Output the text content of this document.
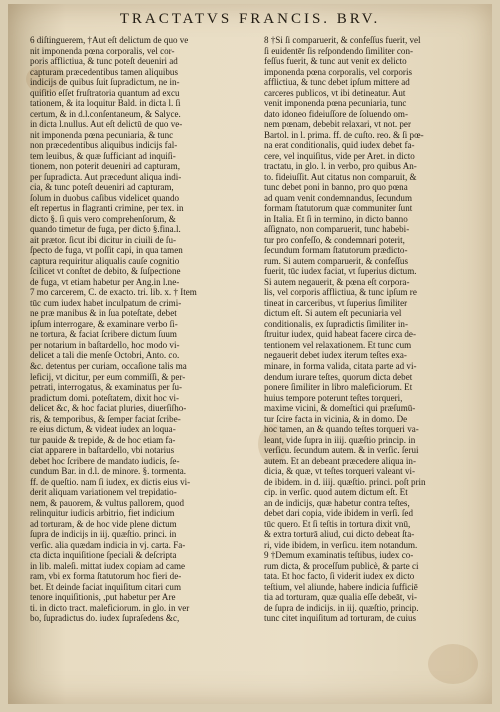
TRACTATVS FRANCIS. BRV.
6 diſtinguerem, †Aut eſt delictum de quo ve
nit imponenda pœna corporalis, vel cor-
poris afflictiua, & tunc poteſt deueniri ad
capturam præcedentibus tamen aliquibus
indicijs de quibus ſuit ſupradictum, ne in-
quiſitio eſſet fruſtratoria quantum ad excu
tationem, & ita loquitur Bald. in dicta l. ſi
certum, & in d.l.conſentaneum, & Salyce.
in dicta l.nullus. Aut eſt delictū de quo ve-
nit imponenda pœna pecuniaria, & tunc
non præcedentibus aliquibus indicijs fal-
tem leuibus, & quæ ſufficiant ad inquiſi-
tionem, non poterit deueniri ad capturam,
per ſupradicta. Aut præcedunt aliqua indi-
cia, & tunc poteſt deueniri ad capturam,
ſolum in duobus caſibus videlicet quando
eſt repertus in flagranti crimine, per tex. in
dicto §. ſi quis vero comprehenſorum, &
quando timetur de fuga, per dicto §.fina.l.
ait prætor. ſicut ibi dicitur in ciuili de ſu-
ſpecto de fuga, vt poſſit capi, in qua tamen
captura requiritur aliqualis cauſe cognitio
ſcilicet vt conſtet de debito, & ſuſpectione
de fuga, vt etiam habetur per Ang.in l.ne-
7 mo carcerem, C. de exacto. tri. lib. x. † Item
tūc cum iudex habet inculpatum de crimi-
ne præ manibus & in ſua poteſtate, debet
ipſum interrogare, & examinare verbo ſi-
ne tortura, & faciat ſcribere dictum ſuum
per notarium in baſtardello, hoc modo vi-
delicet a tali die menſe Octobri, Anto. co.
&c. detentus per curiam, occaſione talis ma
leficij, vt dicitur, per eum commiſſi, & per-
petrati, interrogatus, & examinatus per ſu-
pradictum domi. poteſtatem, dixit hoc vi-
delicet &c, & hoc faciat pluries, diuerſiſho-
ris, & temporibus, & ſemper faciat ſcribe-
re eius dictum, & videat iudex an loqua-
tur pauide & trepide, & de hoc etiam fa-
ciat apparere in baſtardello, vbi notarius
debet hoc ſcribere de mandato iudicis, ſe-
cundum Bar. in d.l. de minore. §. tormenta.
ff. de queſtio. nam ſi iudex, ex dictis eius vi-
derit aliquam variationem vel trepidatio-
nem, & pauorem, & vultus pallorem, quod
relinquitur iudicis arbitrio, fiet indicium
ad torturam, & de hoc vide plene dictum
ſupra de indicijs in iij. quæſtio. princi. in
verſic. alia quædam indicia in vj. carta. Fa-
cta dicta inquiſitione ſpeciali & deſcripta
in lib. maleſi. mittat iudex copiam ad came
ram, vbi ex forma ſtatutorum hoc fieri de-
bet. Et deinde faciat inquiſitum citari cum
tenore inquiſitionis, ,put habetur per Are
ti. in dicto tract. maleficiorum. in glo. in ver
bo, ſupradictus do. iudex ſupraſedens &c,
8 †Si ſi comparuerit, & confeſſus fuerit, vel
ſi euidentēr ſis reſpondendo ſimiliter con-
feſſus fuerit, & tunc aut venit ex delicto
imponenda pœna corporalis, vel corporis
afflictiua, & tunc debet ipſum mittere ad
carceres publicos, vt ibi detineatur. Aut
venit imponenda pœna pecuniaria, tunc
dato idoneo fideiuſſore de ſoluendo om-
nem pœnam, debebit relaxari, vt not. per
Bartol. in l. prima. ff. de cuſto. reo. & ſi pœ-
na erat conditionalis, quid iudex debet fa-
cere, vel inquiſitus, vide per Aret. in dicto
tractatu, in glo. l. in verbo, pro quibus An-
to. fideiuſſit. Aut citatus non comparuit, &
tunc debet poni in banno, pro quo pœna
ad quam venit condemnandus, ſecundum
formam ſtatutorum quæ communiter ſunt
in Italia. Et ſi in termino, in dicto banno
aſſignato, non comparuerit, tunc habebi-
tur pro confeſſo, & condemnari poterit,
ſecundum formam ſtatutorum prædicto-
rum. Si autem comparuerit, & confeſſus
fuerit, tūc iudex faciat, vt ſuperius dictum.
Si autem negauerit, & pœna eſt corpora-
lis, vel corporis afflictiua, & tunc ipſum re
tineat in carceribus, vt ſuperius ſimiliter
dictum eſt. Si autem eſt pecuniaria vel
conditionalis, ex ſupradictis ſimiliter in-
ſtruitur iudex, quid habeat facere circa de-
tentionem vel relaxationem. Et tunc cum
negauerit debet iudex iterum teſtes exa-
minare, in forma valida, citata parte ad vi-
dendum iurare teſtes, quorum dicta debet
ponere ſimiliter in libro maleficiorum. Et
huius tempore poterunt teſtes torqueri,
maxime vicini, & domeſtici qui præſumū-
tur ſcire facta in vicinia, & in domo. De
hoc tamen, an & quando teſtes torqueri va-
leant, vide ſupra in iiij. quæſtio princip. in
verſicu. ſecundum autem. & in verſic. ſerui
autem. Et an debeant præcedere aliqua in-
dicia, & quæ, vt teſtes torqueri valeant vi-
de ibidem. in d. iiij. quæſtio. princi. poſt prin
cip. in verſic. quod autem dictum eſt. Et
an de indicijs, quæ habetur contra teſtes,
debet dari copia, vide ibidem in verſi. ſed
tūc quero. Et ſi teſtis in tortura dixit vnū,
& extra torturā aliud, cui dicto debeat ſta-
ri, vide ibidem, in verſicu. item notandum.
9 †Demum examinatis teſtibus, iudex co-
rum dicta, & proceſſum publicè, & parte ci
tata. Et hoc facto, ſi viderit iudex ex dicto
teſtium, vel aliunde, habere indicia ſufficiē
tia ad torturam, quæ qualia eſſe debeāt, vi-
de ſupra de indicijs. in iij. quæſtio, princip.
tunc citet inquiſitum ad torturam, de cuius
